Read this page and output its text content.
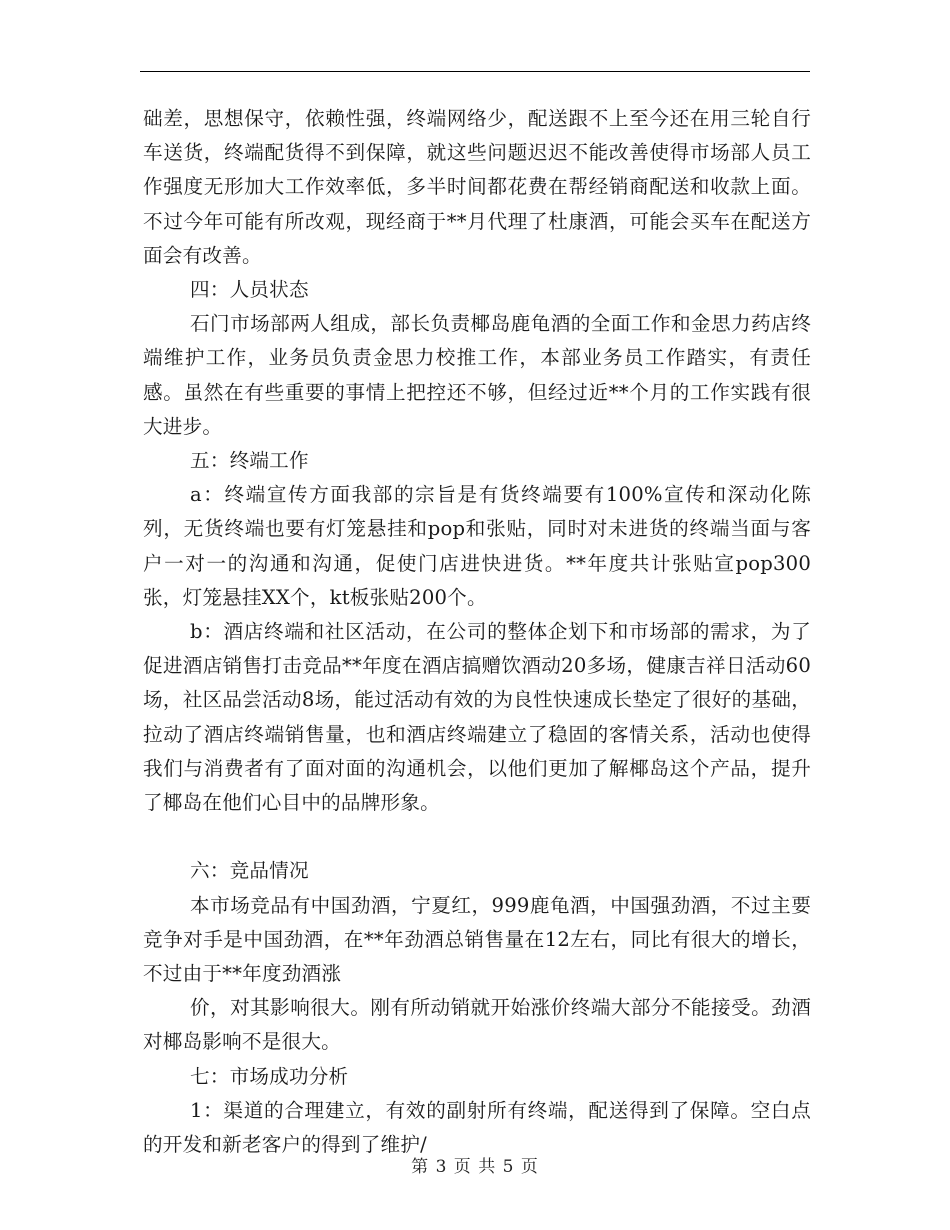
础差，思想保守，依赖性强，终端网络少，配送跟不上至今还在用三轮自行车送货，终端配货得不到保障，就这些问题迟迟不能改善使得市场部人员工作强度无形加大工作效率低，多半时间都花费在帮经销商配送和收款上面。不过今年可能有所改观，现经商于**月代理了杜康酒，可能会买车在配送方面会有改善。

四：人员状态

石门市场部两人组成，部长负责椰岛鹿龟酒的全面工作和金思力药店终端维护工作，业务员负责金思力校推工作，本部业务员工作踏实，有责任感。虽然在有些重要的事情上把控还不够，但经过近**个月的工作实践有很大进步。

五：终端工作

a：终端宣传方面我部的宗旨是有货终端要有100%宣传和深动化陈列，无货终端也要有灯笼悬挂和pop和张贴，同时对未进货的终端当面与客户一对一的沟通和沟通，促使门店进快进货。**年度共计张贴宣pop300张，灯笼悬挂XX个，kt板张贴200个。

b：酒店终端和社区活动，在公司的整体企划下和市场部的需求，为了促进酒店销售打击竞品**年度在酒店搞赠饮酒动20多场，健康吉祥日活动60场，社区品尝活动8场，能过活动有效的为良性快速成长垫定了很好的基础，拉动了酒店终端销售量，也和酒店终端建立了稳固的客情关系，活动也使得我们与消费者有了面对面的沟通机会，以他们更加了解椰岛这个产品，提升了椰岛在他们心目中的品牌形象。

六：竞品情况

本市场竞品有中国劲酒，宁夏红，999鹿龟酒，中国强劲酒，不过主要竞争对手是中国劲酒，在**年劲酒总销售量在12左右，同比有很大的增长，不过由于**年度劲酒涨

价，对其影响很大。刚有所动销就开始涨价终端大部分不能接受。劲酒对椰岛影响不是很大。

七：市场成功分析

1：渠道的合理建立，有效的副射所有终端，配送得到了保障。空白点的开发和新老客户的得到了维护/

第 3 页 共 5 页
